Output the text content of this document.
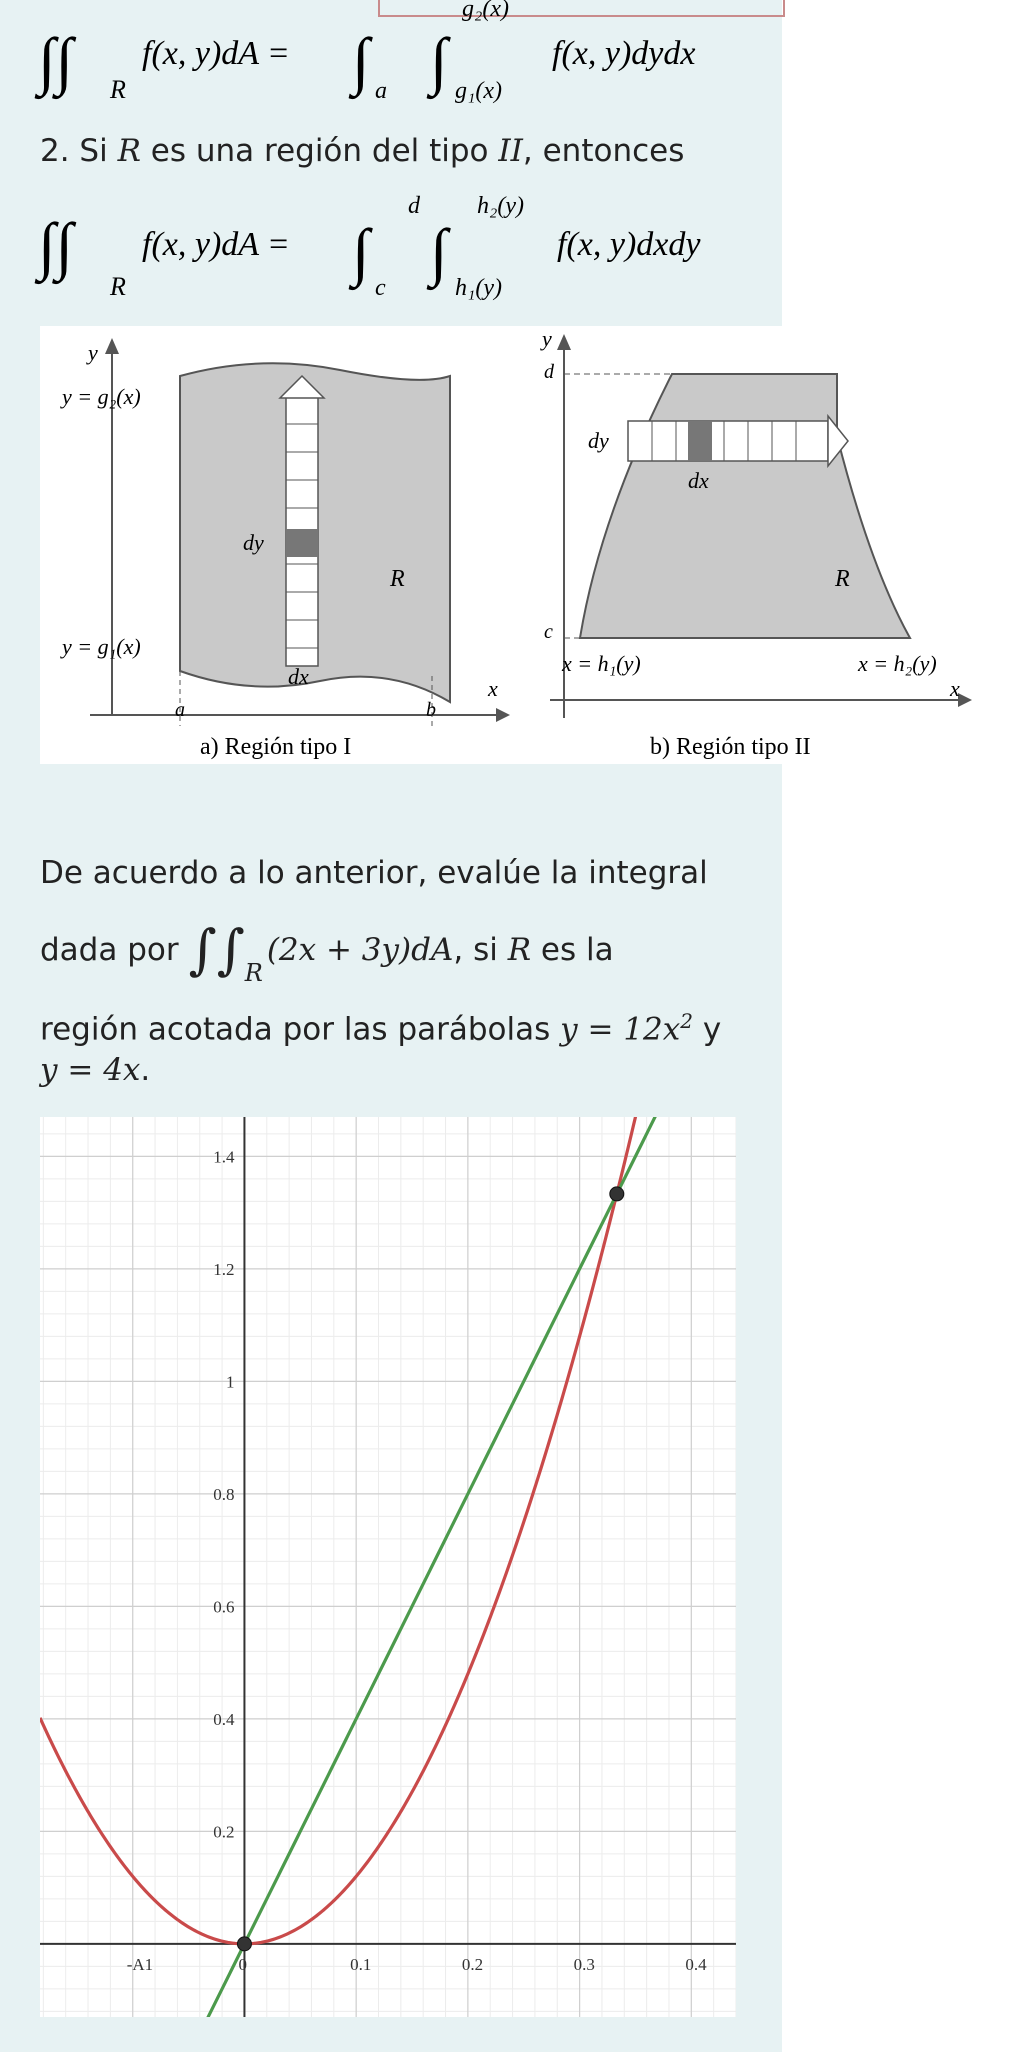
∫∫ R
f(x, y)dA = ∫ a ∫
g₂(x)
g₁(x)
f(x, y)dydx
2. Si R es una región del tipo II, entonces
∫∫
R
f(x, y)dA = ∫
d
c
∫
h₂(y)
h₁(y)
f(x, y)dxdy
y
x
y = g₂(x)
y = g₁(x)
dy
dx
R
a	b
a) Región tipo I
y
x
d
c
dy
dx
R
x = h₁(y)	x = h₂(y)
b) Región tipo II
De acuerdo a lo anterior, evalúe la integral
dada por $\int\int_R(2x + 3y)dA$, si R es la
región acotada por las parábolas $y = 12x^2$ y
y = 4x.
-A1	0	0.1	0.2	0.3	0.4
0.2
0.4
0.6
0.8
1
1.2
1.4
